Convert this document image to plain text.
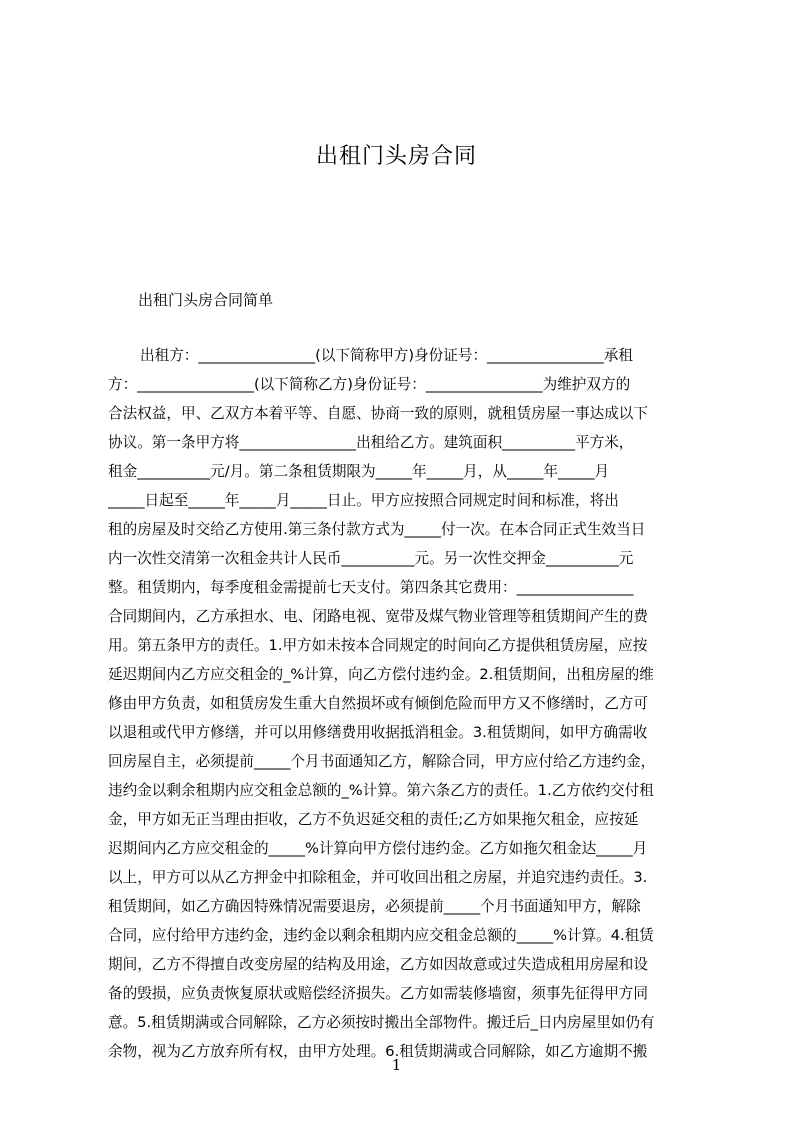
出租门头房合同
出租门头房合同简单
出租方：________________(以下简称甲方)身份证号：________________承租
方：________________(以下简称乙方)身份证号：________________为维护双方的
合法权益，甲、乙双方本着平等、自愿、协商一致的原则，就租赁房屋一事达成以下
协议。第一条甲方将________________出租给乙方。建筑面积__________平方米，
租金__________元/月。第二条租赁期限为_____年_____月，从_____年_____月
_____日起至_____年_____月_____日止。甲方应按照合同规定时间和标准，将出
租的房屋及时交给乙方使用.第三条付款方式为_____付一次。在本合同正式生效当日
内一次性交清第一次租金共计人民币__________元。另一次性交押金__________元
整。租赁期内，每季度租金需提前七天支付。第四条其它费用：________________
合同期间内，乙方承担水、电、闭路电视、宽带及煤气物业管理等租赁期间产生的费
用。第五条甲方的责任。1.甲方如未按本合同规定的时间向乙方提供租赁房屋，应按
延迟期间内乙方应交租金的_%计算，向乙方偿付违约金。2.租赁期间，出租房屋的维
修由甲方负责，如租赁房发生重大自然损坏或有倾倒危险而甲方又不修缮时，乙方可
以退租或代甲方修缮，并可以用修缮费用收据抵消租金。3.租赁期间，如甲方确需收
回房屋自主，必须提前_____个月书面通知乙方，解除合同，甲方应付给乙方违约金，
违约金以剩余租期内应交租金总额的_%计算。第六条乙方的责任。1.乙方依约交付租
金，甲方如无正当理由拒收，乙方不负迟延交租的责任;乙方如果拖欠租金，应按延
迟期间内乙方应交租金的_____%计算向甲方偿付违约金。乙方如拖欠租金达_____月
以上，甲方可以从乙方押金中扣除租金，并可收回出租之房屋，并追究违约责任。3.
租赁期间，如乙方确因特殊情况需要退房，必须提前_____个月书面通知甲方，解除
合同，应付给甲方违约金，违约金以剩余租期内应交租金总额的_____%计算。4.租赁
期间，乙方不得擅自改变房屋的结构及用途，乙方如因故意或过失造成租用房屋和设
备的毁损，应负责恢复原状或赔偿经济损失。乙方如需装修墙窗，须事先征得甲方同
意。5.租赁期满或合同解除，乙方必须按时搬出全部物件。搬迁后_日内房屋里如仍有
余物，视为乙方放弃所有权，由甲方处理。6.租赁期满或合同解除，如乙方逾期不搬
1
